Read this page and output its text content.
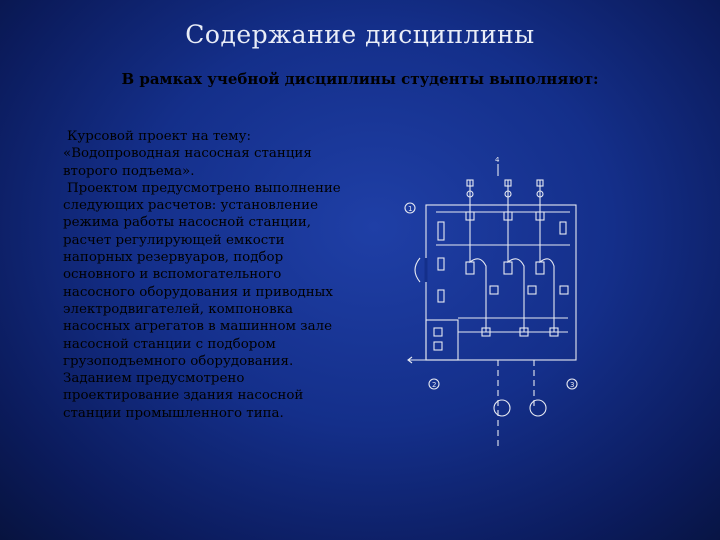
Содержание дисциплины
В рамках учебной дисциплины студенты выполняют:

Курсовой проект на тему: «Водопроводная насосная станция второго подъема».

Проектом предусмотрено выполнение следующих расчетов: установление режима работы насосной станции, расчет регулирующей емкости напорных резервуаров, подбор основного и вспомогательного насосного оборудования и приводных электродвигателей, компоновка насосных агрегатов в машинном зале насосной станции с подбором грузоподъемного оборудования. Заданием предусмотрено проектирование здания насосной станции промышленного типа.

4
1
2	3
